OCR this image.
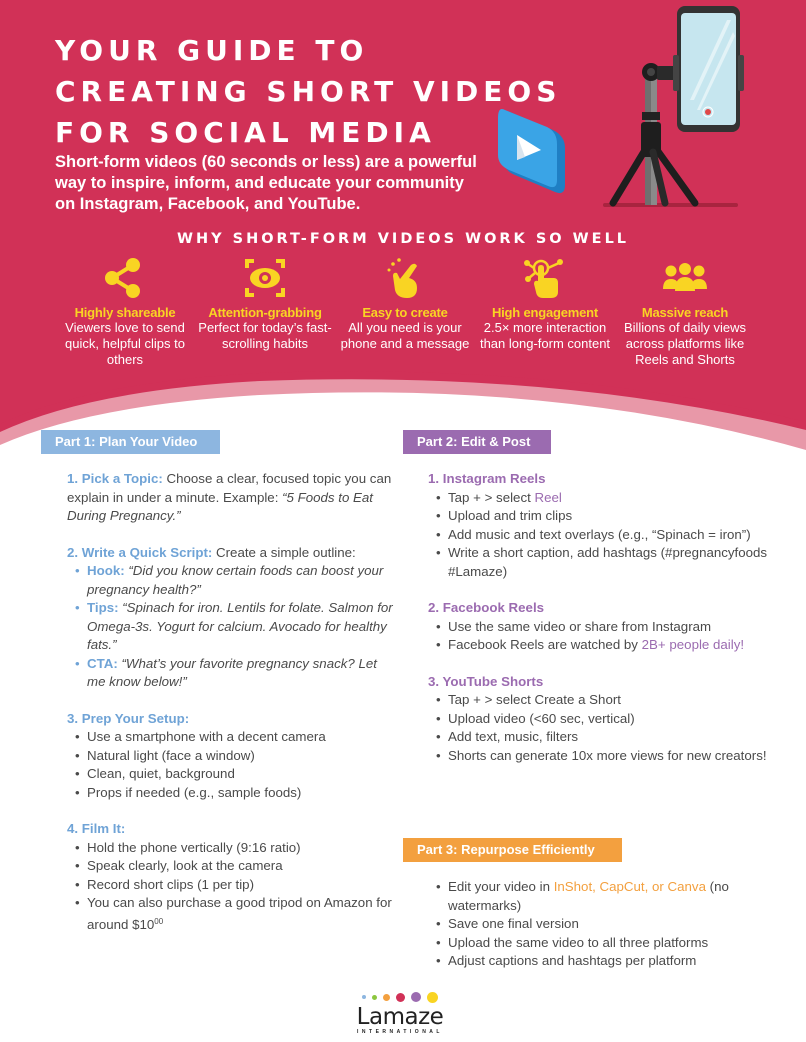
YOUR GUIDE TO
CREATING SHORT VIDEOS
FOR SOCIAL MEDIA
Short-form videos (60 seconds or less) are a powerful way to inspire, inform, and educate your community on Instagram, Facebook, and YouTube.
WHY SHORT-FORM VIDEOS WORK SO WELL
Highly shareable
Viewers love to send quick, helpful clips to others
Attention-grabbing
Perfect for today’s fast-scrolling habits
Easy to create
All you need is your phone and a message
High engagement
2.5× more interaction than long-form content
Massive reach
Billions of daily views across platforms like Reels and Shorts
Part 1: Plan Your Video
1. Pick a Topic: Choose a clear, focused topic you can explain in under a minute. Example: “5 Foods to Eat During Pregnancy.”
2. Write a Quick Script: Create a simple outline:
• Hook: “Did you know certain foods can boost your pregnancy health?”
• Tips: “Spinach for iron. Lentils for folate. Salmon for Omega-3s. Yogurt for calcium. Avocado for healthy fats.”
• CTA: “What’s your favorite pregnancy snack? Let me know below!”
3. Prep Your Setup:
• Use a smartphone with a decent camera
• Natural light (face a window)
• Clean, quiet, background
• Props if needed (e.g., sample foods)
4. Film It:
• Hold the phone vertically (9:16 ratio)
• Speak clearly, look at the camera
• Record short clips (1 per tip)
• You can also purchase a good tripod on Amazon for around $\$10^{00}$
Part 2: Edit & Post
1. Instagram Reels
• Tap + > select Reel
• Upload and trim clips
• Add music and text overlays (e.g., “Spinach = iron”)
• Write a short caption, add hashtags (#pregnancyfoods #Lamaze)
2. Facebook Reels
• Use the same video or share from Instagram
• Facebook Reels are watched by 2B+ people daily!
3. YouTube Shorts
• Tap + > select Create a Short
• Upload video (<60 sec, vertical)
• Add text, music, filters
• Shorts can generate 10x more views for new creators!
Part 3: Repurpose Efficiently
• Edit your video in InShot, CapCut, or Canva (no watermarks)
• Save one final version
• Upload the same video to all three platforms
• Adjust captions and hashtags per platform
Lamaze
INTERNATIONAL
